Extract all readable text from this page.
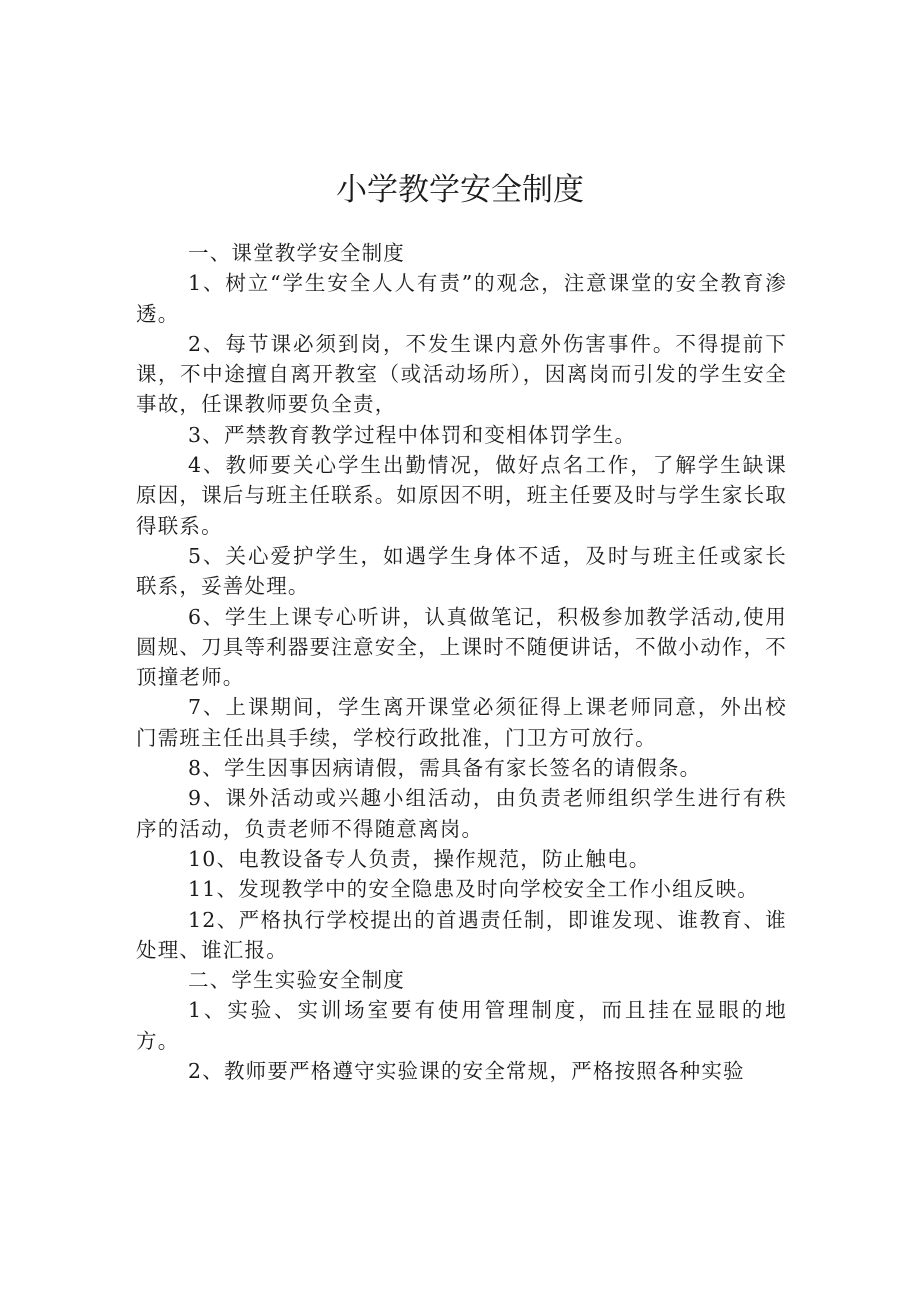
小学教学安全制度

一、课堂教学安全制度

1、树立“学生安全人人有责”的观念，注意课堂的安全教育渗透。

2、每节课必须到岗，不发生课内意外伤害事件。不得提前下课，不中途擅自离开教室（或活动场所），因离岗而引发的学生安全事故，任课教师要负全责，

3、严禁教育教学过程中体罚和变相体罚学生。

4、教师要关心学生出勤情况，做好点名工作，了解学生缺课原因，课后与班主任联系。如原因不明，班主任要及时与学生家长取得联系。

5、关心爱护学生，如遇学生身体不适，及时与班主任或家长联系，妥善处理。

6、学生上课专心听讲，认真做笔记，积极参加教学活动,使用圆规、刀具等利器要注意安全，上课时不随便讲话，不做小动作，不顶撞老师。

7、上课期间，学生离开课堂必须征得上课老师同意，外出校门需班主任出具手续，学校行政批准，门卫方可放行。

8、学生因事因病请假，需具备有家长签名的请假条。

9、课外活动或兴趣小组活动，由负责老师组织学生进行有秩序的活动，负责老师不得随意离岗。

10、电教设备专人负责，操作规范，防止触电。

11、发现教学中的安全隐患及时向学校安全工作小组反映。

12、严格执行学校提出的首遇责任制，即谁发现、谁教育、谁处理、谁汇报。

二、学生实验安全制度

1、实验、实训场室要有使用管理制度，而且挂在显眼的地方。

2、教师要严格遵守实验课的安全常规，严格按照各种实验
